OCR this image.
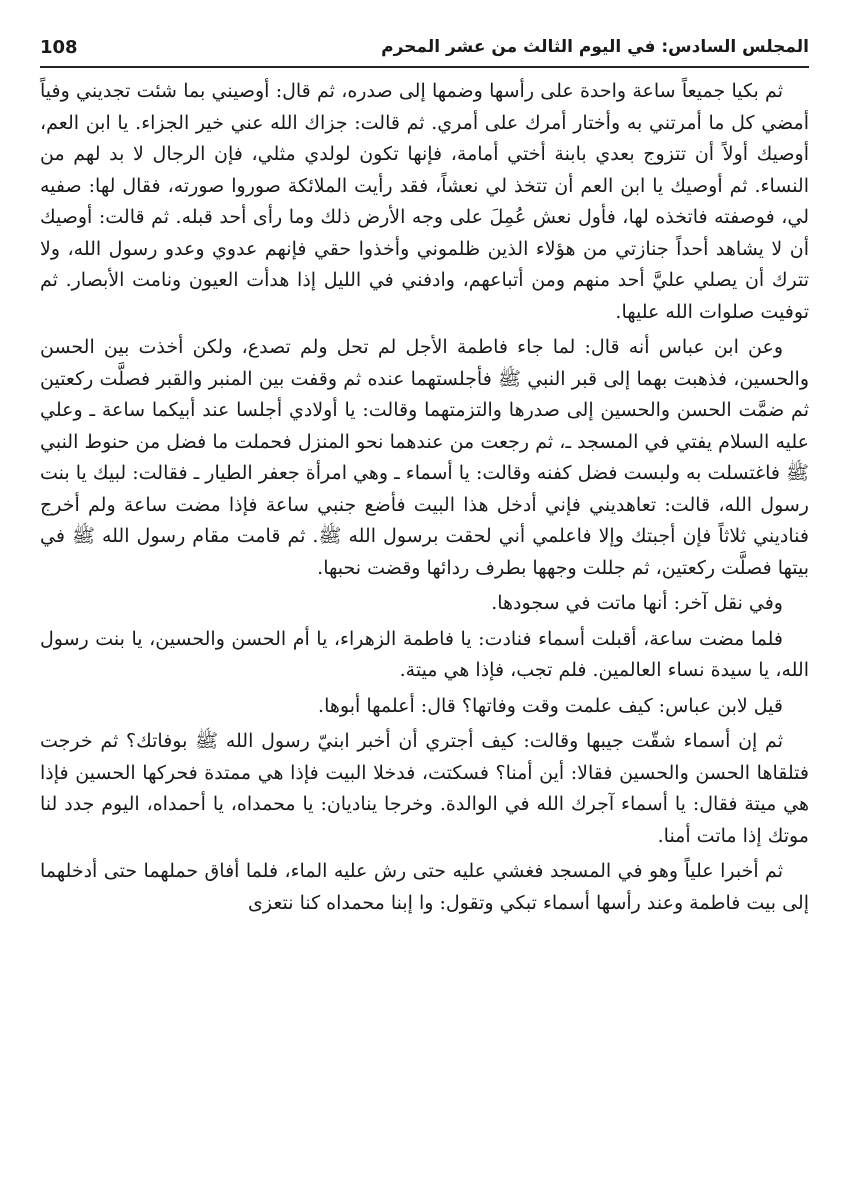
المجلس السادس: في اليوم الثالث من عشر المحرم
108

ثم بكيا جميعاً ساعة واحدة على رأسها وضمها إلى صدره، ثم قال: أوصيني بما شئت تجديني وفياً أمضي كل ما أمرتني به وأختار أمرك على أمري. ثم قالت: جزاك الله عني خير الجزاء. يا ابن العم، أوصيك أولاً أن تتزوج بعدي بابنة أختي أمامة، فإنها تكون لولدي مثلي، فإن الرجال لا بد لهم من النساء. ثم أوصيك يا ابن العم أن تتخذ لي نعشاً، فقد رأيت الملائكة صوروا صورته، فقال لها: صفيه لي، فوصفته فاتخذه لها، فأول نعش عُمِلَ على وجه الأرض ذلك وما رأى أحد قبله. ثم قالت: أوصيك أن لا يشاهد أحداً جنازتي من هؤلاء الذين ظلموني وأخذوا حقي فإنهم عدوي وعدو رسول الله، ولا تترك أن يصلي عليَّ أحد منهم ومن أتباعهم، وادفني في الليل إذا هدأت العيون ونامت الأبصار. ثم توفيت صلوات الله عليها.

وعن ابن عباس أنه قال: لما جاء فاطمة الأجل لم تحل ولم تصدع، ولكن أخذت بين الحسن والحسين، فذهبت بهما إلى قبر النبي ﷺ فأجلستهما عنده ثم وقفت بين المنبر والقبر فصلَّت ركعتين ثم ضمَّت الحسن والحسين إلى صدرها والتزمتهما وقالت: يا أولادي أجلسا عند أبيكما ساعة ـ وعلي عليه السلام يفتي في المسجد ـ، ثم رجعت من عندهما نحو المنزل فحملت ما فضل من حنوط النبي ﷺ فاغتسلت به ولبست فضل كفنه وقالت: يا أسماء ـ وهي امرأة جعفر الطيار ـ فقالت: لبيك يا بنت رسول الله، قالت: تعاهديني فإني أدخل هذا البيت فأضع جنبي ساعة فإذا مضت ساعة ولم أخرج فناديني ثلاثاً فإن أجبتك وإلا فاعلمي أني لحقت برسول الله ﷺ. ثم قامت مقام رسول الله ﷺ في بيتها فصلَّت ركعتين، ثم جللت وجهها بطرف ردائها وقضت نحبها.

وفي نقل آخر: أنها ماتت في سجودها.

فلما مضت ساعة، أقبلت أسماء فنادت: يا فاطمة الزهراء، يا أم الحسن والحسين، يا بنت رسول الله، يا سيدة نساء العالمين. فلم تجب، فإذا هي ميتة.

قيل لابن عباس: كيف علمت وقت وفاتها؟ قال: أعلمها أبوها.

ثم إن أسماء شقّت جيبها وقالت: كيف أجتري أن أخبر ابنيّ رسول الله ﷺ بوفاتك؟ ثم خرجت فتلقاها الحسن والحسين فقالا: أين أمنا؟ فسكتت، فدخلا البيت فإذا هي ممتدة فحركها الحسين فإذا هي ميتة فقال: يا أسماء آجرك الله في الوالدة. وخرجا يناديان: يا محمداه، يا أحمداه، اليوم جدد لنا موتك إذا ماتت أمنا.

ثم أخبرا علياً وهو في المسجد فغشي عليه حتى رش عليه الماء، فلما أفاق حملهما حتى أدخلهما إلى بيت فاطمة وعند رأسها أسماء تبكي وتقول: وا إبنا محمداه كنا نتعزى
